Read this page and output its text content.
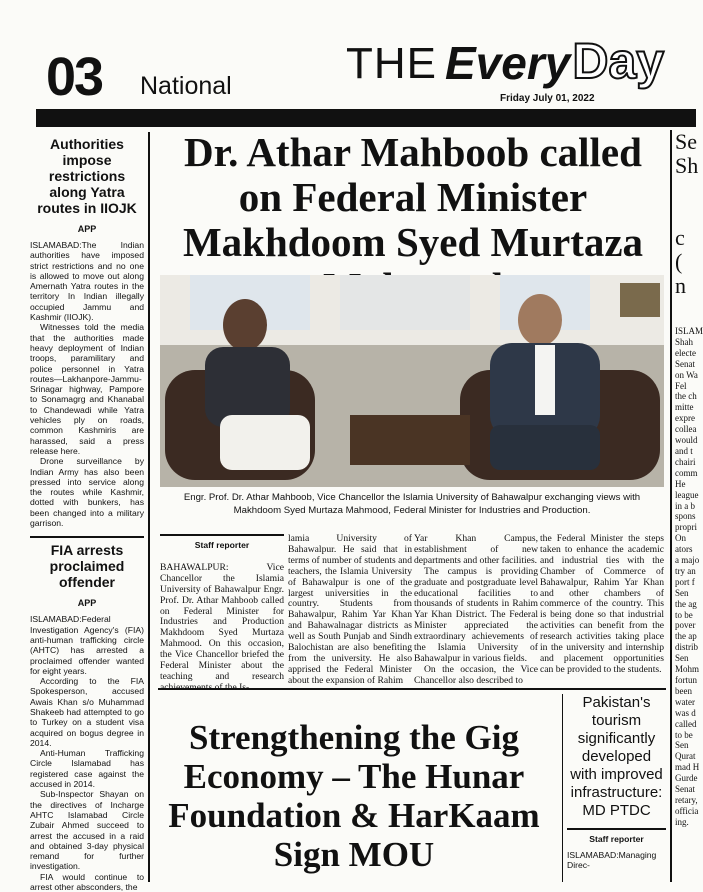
03 National	THE Every Day
Friday July 01, 2022
Authorities impose restrictions along Yatra routes in IIOJK
APP

ISLAMABAD:The Indian authorities have imposed strict restrictions and no one is allowed to move out along Amernath Yatra routes in the territory In Indian illegally occupied Jammu and Kashmir (IIOJK).

Witnesses told the media that the authorities made heavy deployment of Indian troops, paramilitary and police personnel in Yatra routes—Lakhanpore-Jammu-Srinagar highway, Pampore to Sonamagrg and Khanabal to Chandewadi while Yatra vehicles ply on roads, common Kashmiris are harassed, said a press release here.

Drone surveillance by Indian Army has also been pressed into service along the routes while Kashmir, dotted with bunkers, has been changed into a military garrison.

FIA arrests proclaimed offender
APP

ISLAMABAD:Federal Investigation Agency's (FIA) anti-human trafficking circle (AHTC) has arrested a proclaimed offender wanted for eight years.

According to the FIA Spokesperson, accused Awais Khan s/o Muhammad Shakeeb had attempted to go to Turkey on a student visa acquired on bogus degree in 2014.

Anti-Human Trafficking Circle Islamabad has registered case against the accused in 2014.

Sub-Inspector Shayan on the directives of Incharge AHTC Islamabad Circle Zubair Ahmed succeed to arrest the accused in a raid and obtained 3-day physical remand for further investigation.

FIA would continue to arrest other absconders, the

Dr. Athar Mahboob called on Federal Minister Makhdoom Syed Murtaza
Engr. Prof. Dr. Athar Mahboob, Vice Chancellor the Islamia University of Bahawalpur exchanging views with Makhdoom Syed Murtaza Mahmood, Federal Minister for Industries and Production.
Staff reporter

BAHAWALPUR: Vice Chancellor the Islamia University of Bahawalpur Engr. Prof. Dr. Athar Mahboob called on Federal Minister for Industries and Production Makhdoom Syed Murtaza Mahmood. On this occasion, the Vice Chancellor briefed the Federal Minister about the teaching and research

lamia University of Bahawalpur. He said that in terms of number of students and teachers, the Islamia University of Bahawalpur is one of the largest universities in the country. Students from Bahawalpur, Rahim Yar Khan and Bahawalnagar districts as well as South Punjab and Sindh Balochistan are also benefiting from the university. He also apprised the Federal Minister about the expansion of Rahim

Yar Khan Campus, establishment of new departments and other facilities.

The campus is providing graduate and postgraduate level educational facilities to thousands of students in Rahim Yar Khan District. The Federal Minister appreciated the extraordinary achievements of the Islamia University of Bahawalpur in various fields.

On the occasion, the Vice Chancellor also described to

the Federal Minister the steps taken to enhance the academic and industrial ties with the Chamber of Commerce of Bahawalpur, Rahim Yar Khan and other chambers of commerce of the country. This is being done so that industrial activities can benefit from the research activities taking place in the university and internship and placement opportunities can be provided to the students.

Strengthening the Gig Economy – The Hunar Foundation & HarKaam Sign MOU
Pakistan's tourism significantly developed with improved infrastructure: MD PTDC
Staff reporter
ISLAMABAD:Managing Direc-
Se
Sh

c
(
n
ISLAM
Shah
electe
Senat
on Wa
Fel
the ch
mitte
expre
collea
would
and t
chairi
comm
He
league
in a b
spons
propri
On
ators
a majo
try an
port f
Sen
the ag
to be
pover
the ap
distrib
Sen
Mohm
fortun
been
water
was d
called
to be
Sen
Qurat
mad H
Gurde
Senat
retary,
officia
ing.
